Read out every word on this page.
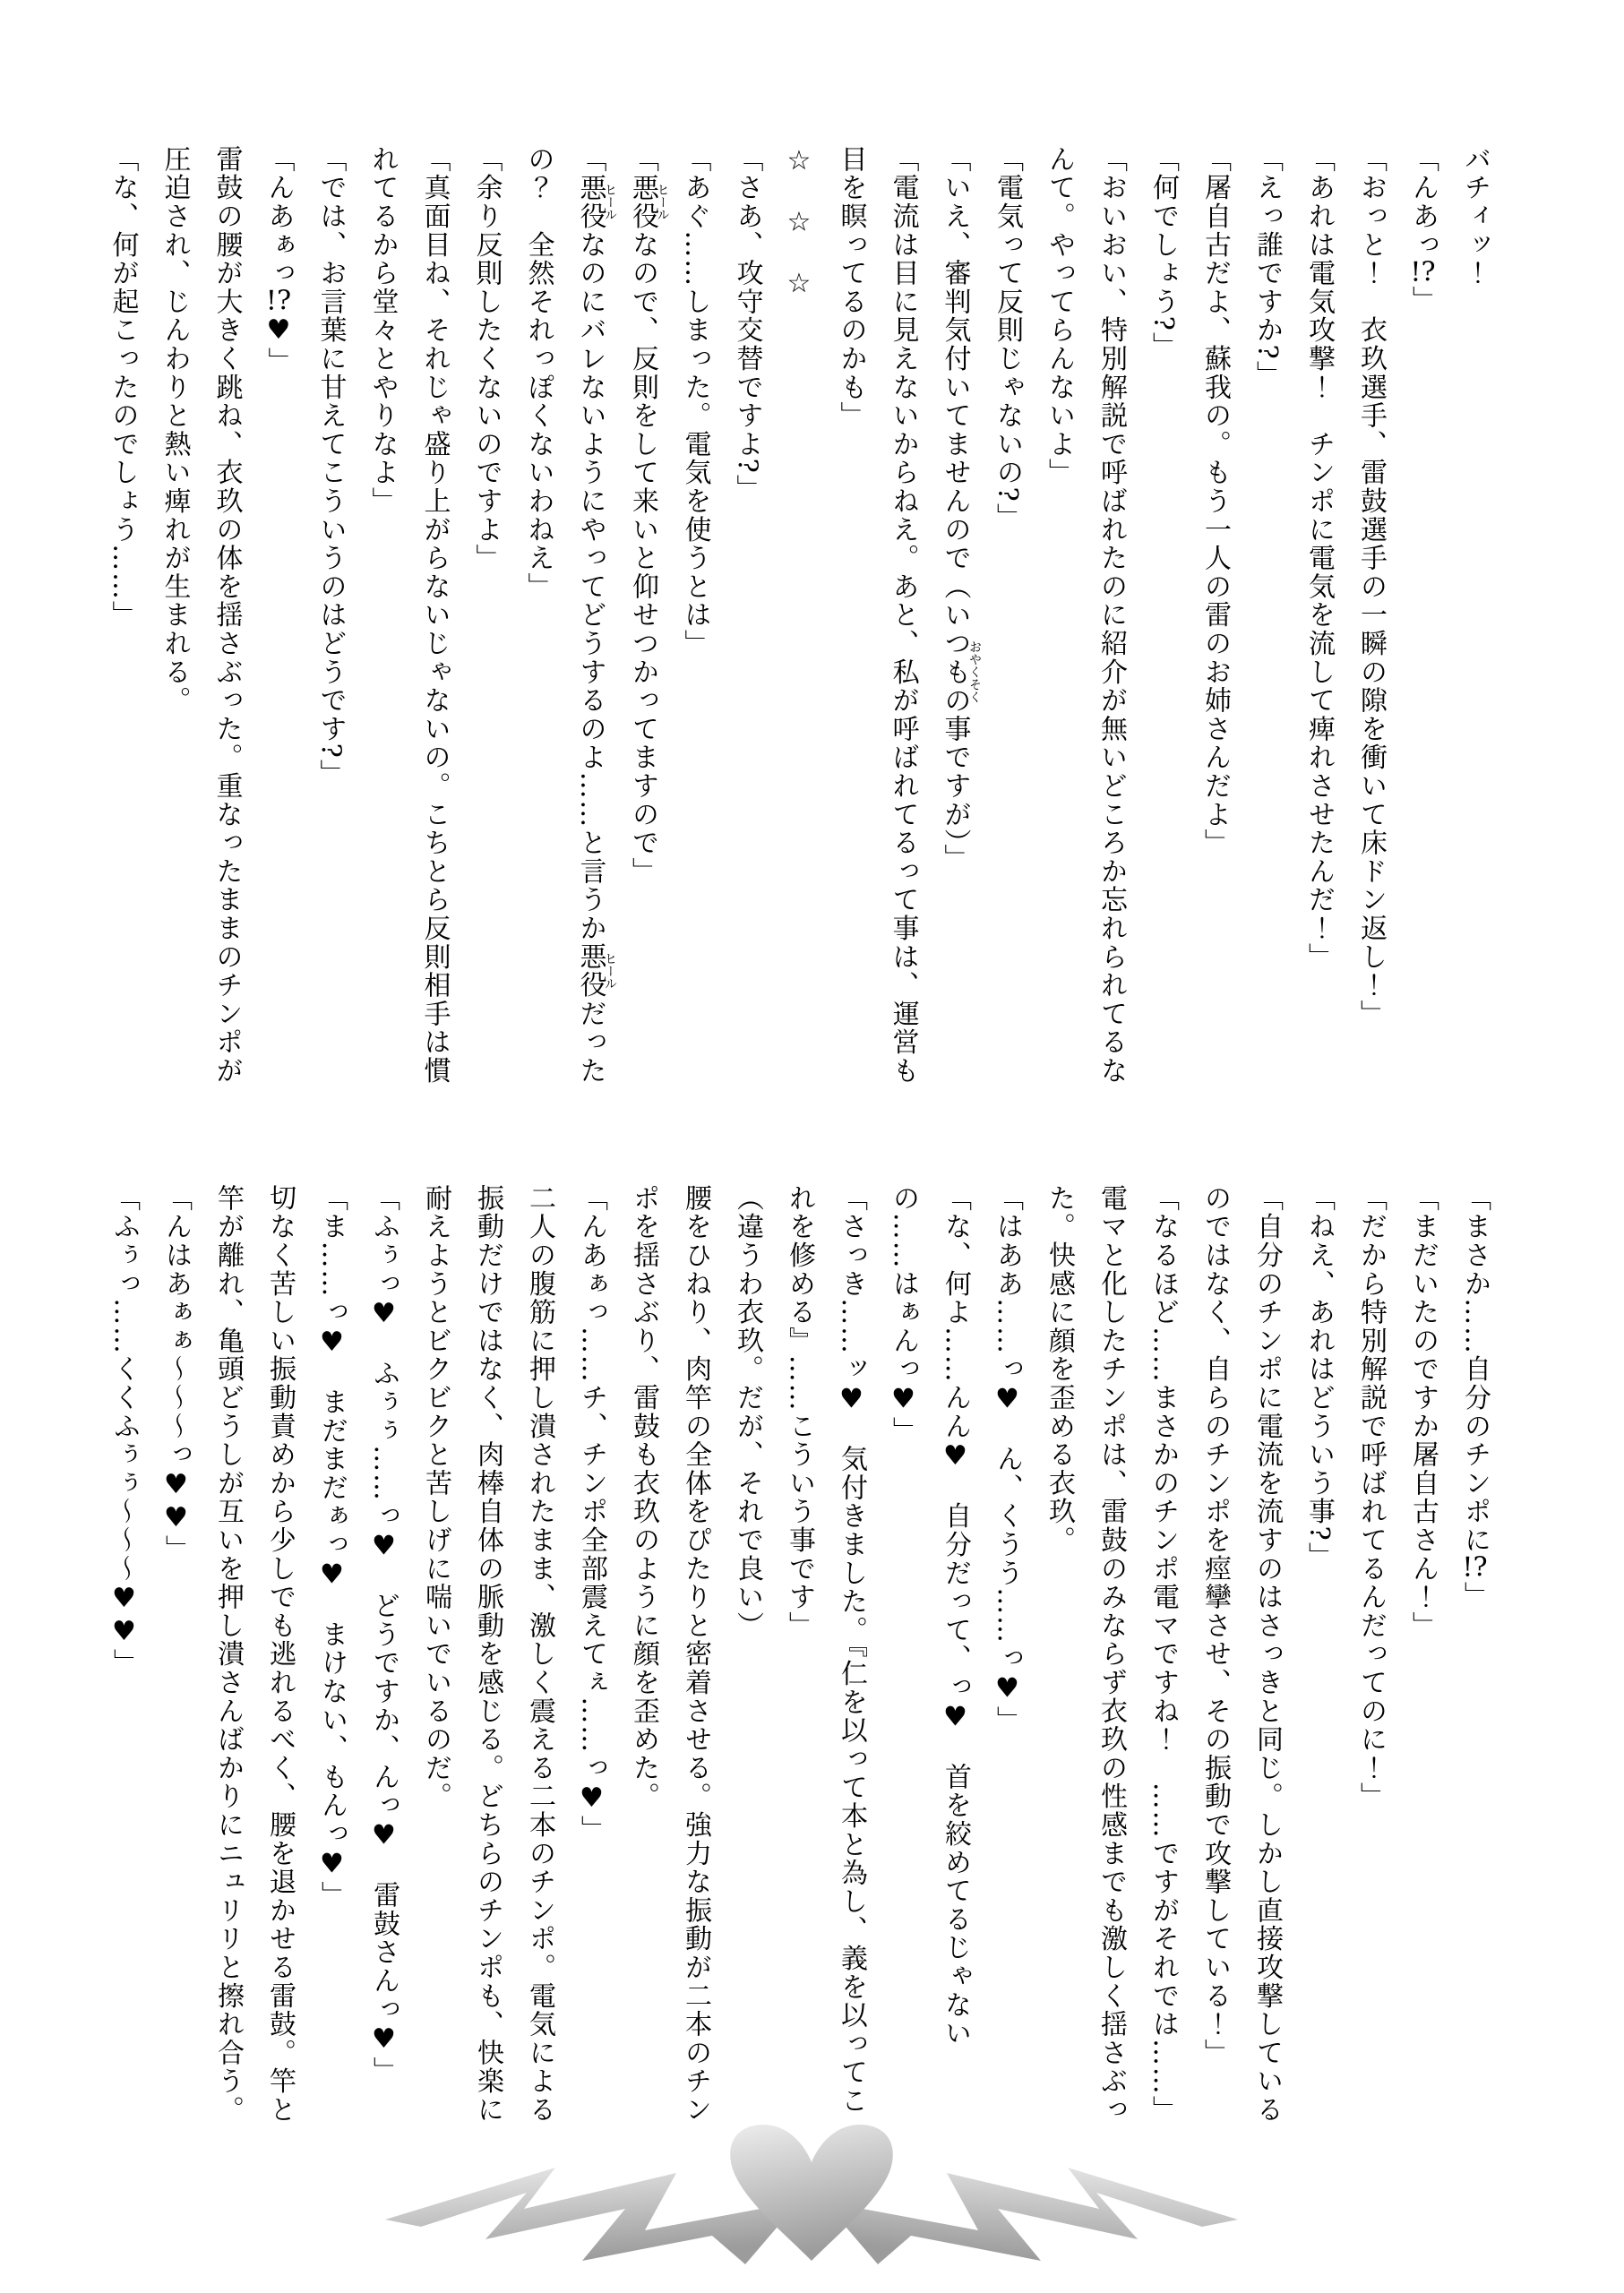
バチィッ！

「んあっ!?」

「おっと！　衣玖選手、雷鼓選手の一瞬の隙を衝いて床ドン返し！」

「あれは電気攻撃！　チンポに電気を流して痺れさせたんだ！」

「えっ誰ですか?」

「屠自古だよ、蘇我の。もう一人の雷のお姉さんだよ」

「何でしょう?」

「おいおい、特別解説で呼ばれたのに紹介が無いどころか忘れられてるなんて。やってらんないよ」

「電気って反則じゃないの?」

「いえ、審判気付いてませんので（いつもの事おやくそくですが）」

「電流は目に見えないからねえ。あと、私が呼ばれてるって事は、運営も目を瞑ってるのかも」

☆　☆　☆

「さあ、攻守交替ですよ?」

「あぐ……しまった。電気を使うとは」

「悪役ヒールなので、反則をして来いと仰せつかってますので」

「悪役ヒールなのにバレないようにやってどうするのよ……と言うか悪役ヒールだったの？　全然それっぽくないわねえ」

「余り反則したくないのですよ」

「真面目ね、それじゃ盛り上がらないじゃないの。こちとら反則相手は慣れてるから堂々とやりなよ」

「では、お言葉に甘えてこういうのはどうです?」

「んあぁっ!?♥」

雷鼓の腰が大きく跳ね、衣玖の体を揺さぶった。重なったままのチンポが圧迫され、じんわりと熱い痺れが生まれる。

「な、何が起こったのでしょう……」

「まさか……自分のチンポに!?」

「まだいたのですか屠自古さん！」

「だから特別解説で呼ばれてるんだってのに！」

「ねえ、あれはどういう事?」

「自分のチンポに電流を流すのはさっきと同じ。しかし直接攻撃しているのではなく、自らのチンポを痙攣させ、その振動で攻撃している！」

「なるほど……まさかのチンポ電マですね！　……ですがそれでは……」

電マと化したチンポは、雷鼓のみならず衣玖の性感までも激しく揺さぶった。快感に顔を歪める衣玖。

「はああ……っ♥　ん、くうう……っ♥」

「な、何よ……んん♥　自分だって、っ♥　首を絞めてるじゃないの……はぁんっ♥」

「さっき……ッ♥　気付きました。『仁を以って本と為し、義を以ってこれを修める』……こういう事です」

（違うわ衣玖。だが、それで良い）

腰をひねり、肉竿の全体をぴたりと密着させる。強力な振動が二本のチンポを揺さぶり、雷鼓も衣玖のように顔を歪めた。

「んあぁっ……チ、チンポ全部震えてぇ……っ♥」

二人の腹筋に押し潰されたまま、激しく震える二本のチンポ。電気による振動だけではなく、肉棒自体の脈動を感じる。どちらのチンポも、快楽に耐えようとビクビクと苦しげに喘いでいるのだ。

「ふぅっ♥　ふぅぅ……っ♥　どうですか、んっ♥　雷鼓さんっ♥」

「ま……っ♥　まだまだぁっ♥　まけない、もんっ♥」

切なく苦しい振動責めから少しでも逃れるべく、腰を退かせる雷鼓。竿と竿が離れ、亀頭どうしが互いを押し潰さんばかりにニュリリと擦れ合う。

「んはあぁぁ〜〜〜っ♥♥」

「ふぅっ……くくふぅぅ〜〜〜♥♥」
